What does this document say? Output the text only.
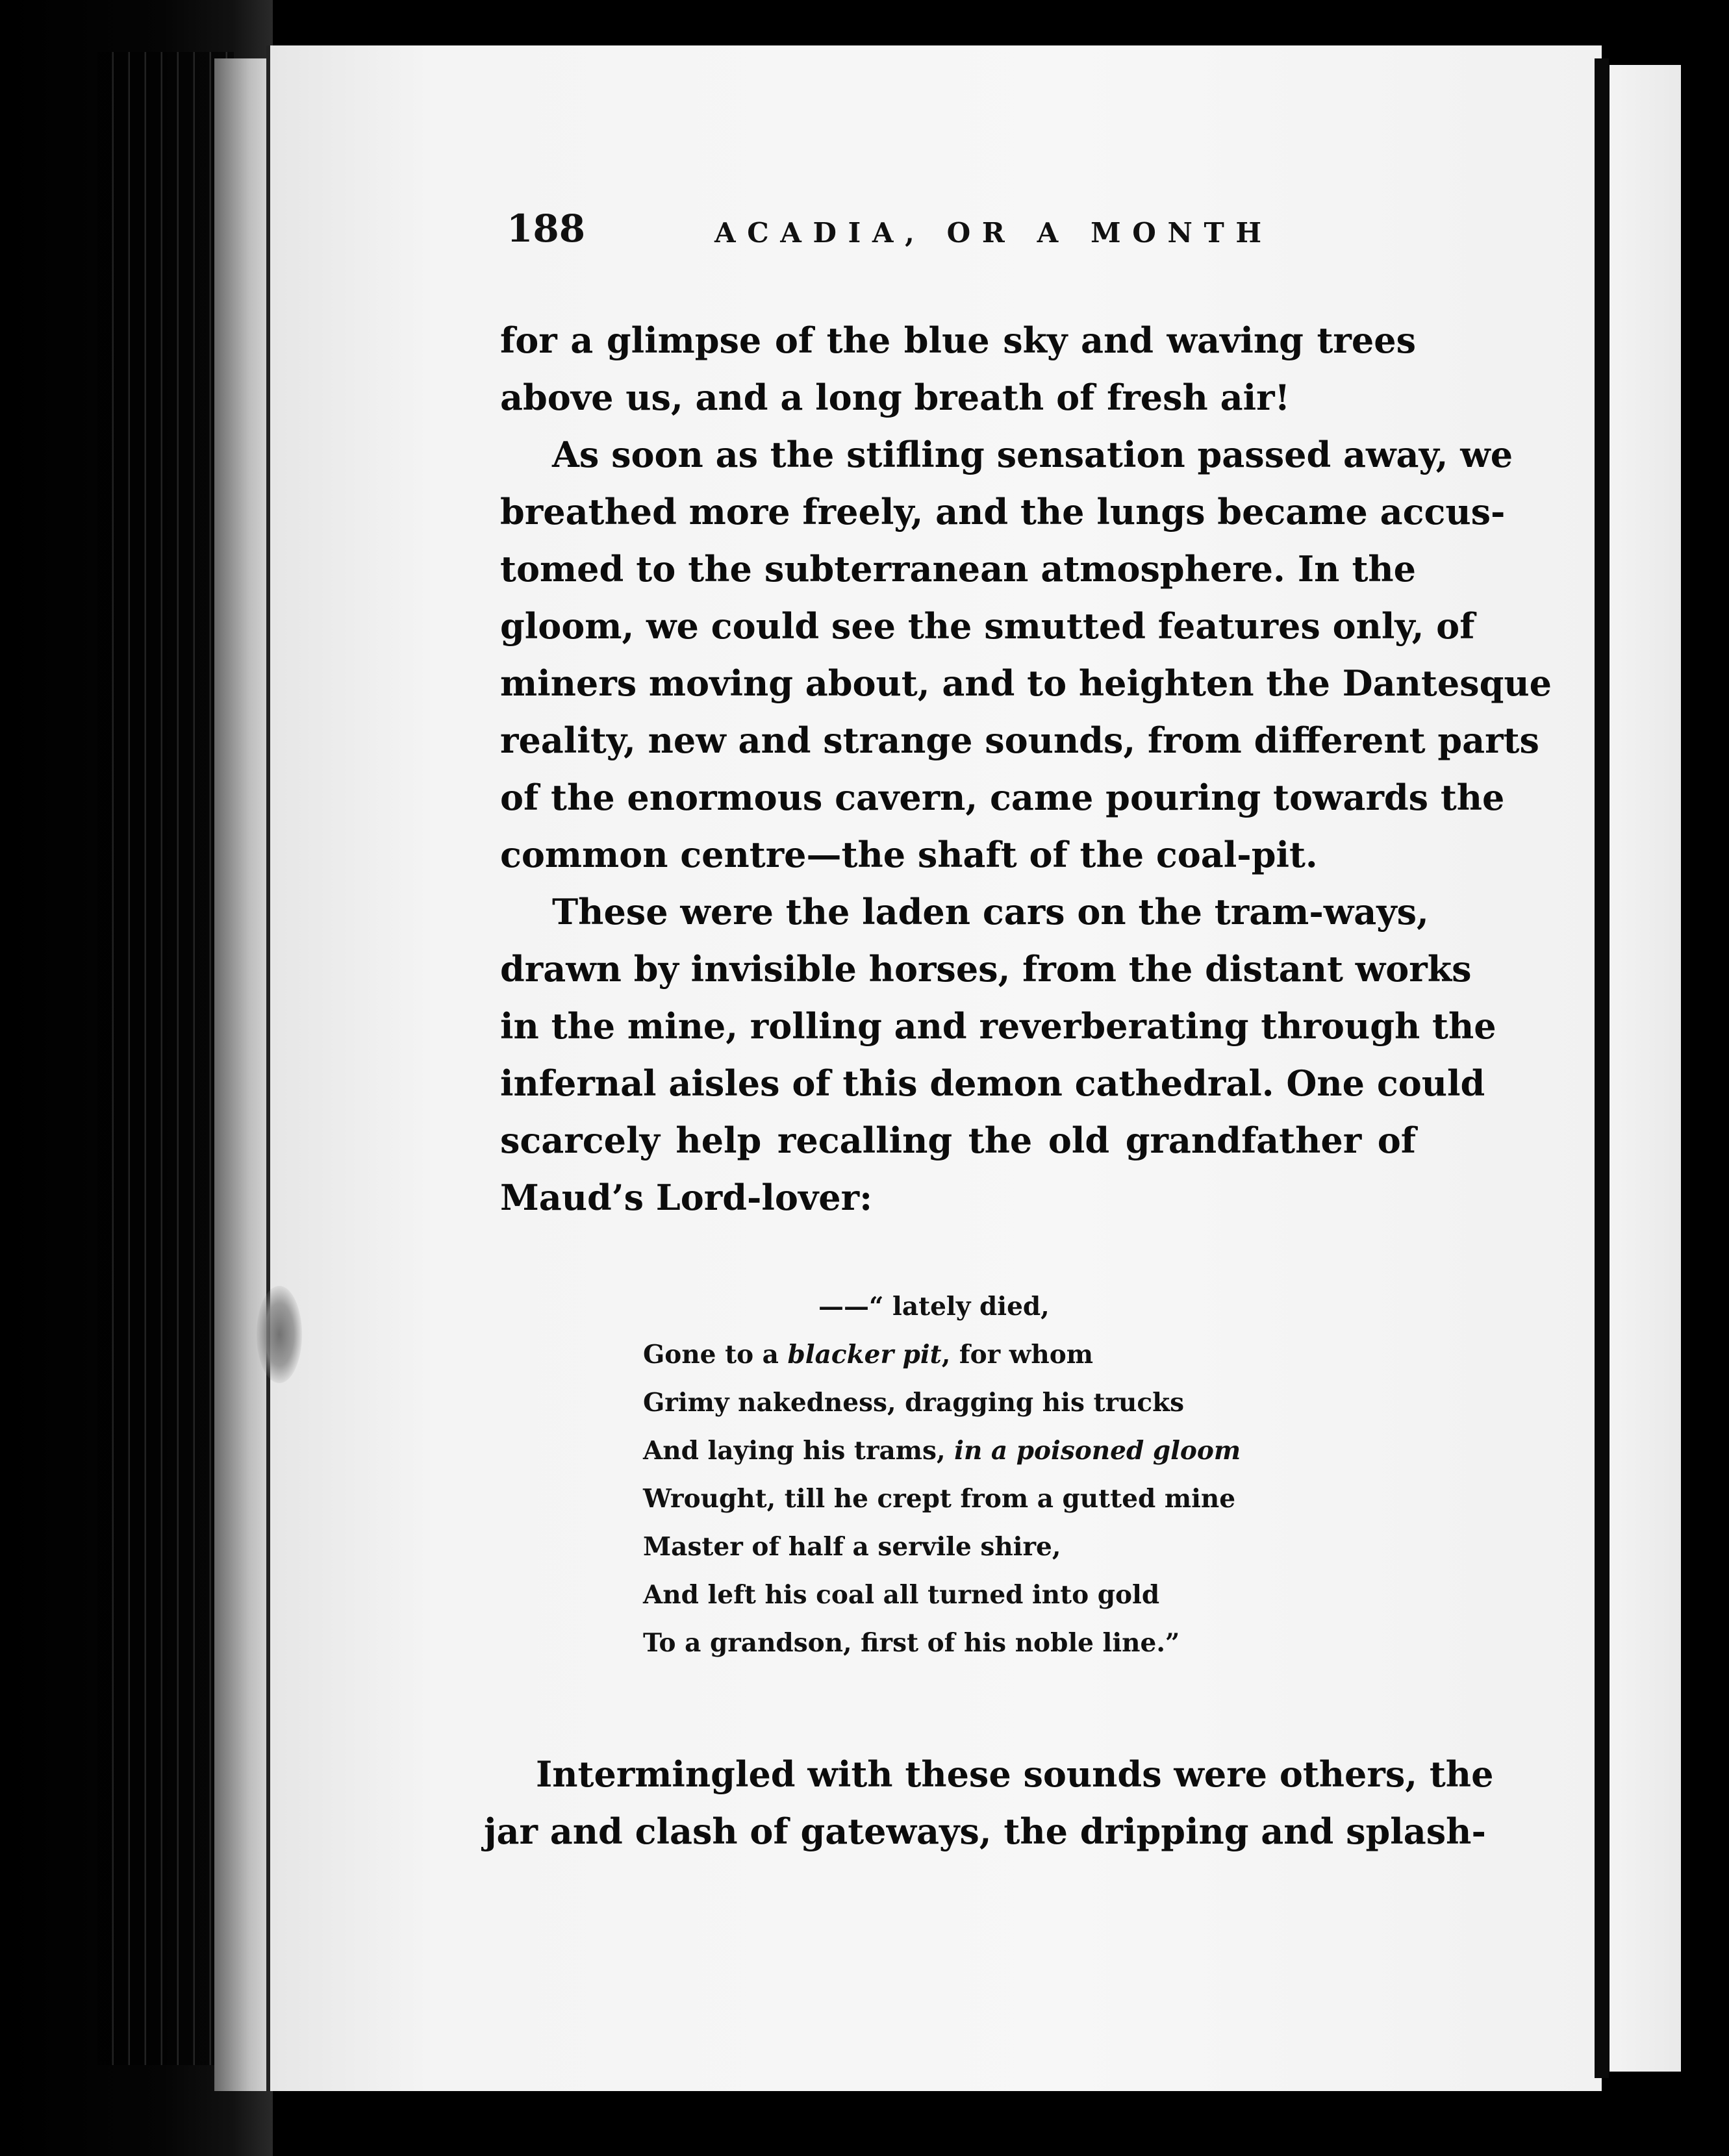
188	ACADIA, OR A MONTH
for a glimpse of the blue sky and waving trees
above us, and a long breath of fresh air!
As soon as the stifling sensation passed away, we
breathed more freely, and the lungs became accus-
tomed to the subterranean atmosphere. In the
gloom, we could see the smutted features only, of
miners moving about, and to heighten the Dantesque
reality, new and strange sounds, from different parts
of the enormous cavern, came pouring towards the
common centre—the shaft of the coal-pit.
These were the laden cars on the tram-ways,
drawn by invisible horses, from the distant works
in the mine, rolling and reverberating through the
infernal aisles of this demon cathedral. One could
scarcely help recalling the old grandfather of
Maud’s Lord-lover:
——“ lately died,
Gone to a blacker pit, for whom
Grimy nakedness, dragging his trucks
And laying his trams, in a poisoned gloom
Wrought, till he crept from a gutted mine
Master of half a servile shire,
And left his coal all turned into gold
To a grandson, first of his noble line.”
Intermingled with these sounds were others, the
jar and clash of gateways, the dripping and splash-
